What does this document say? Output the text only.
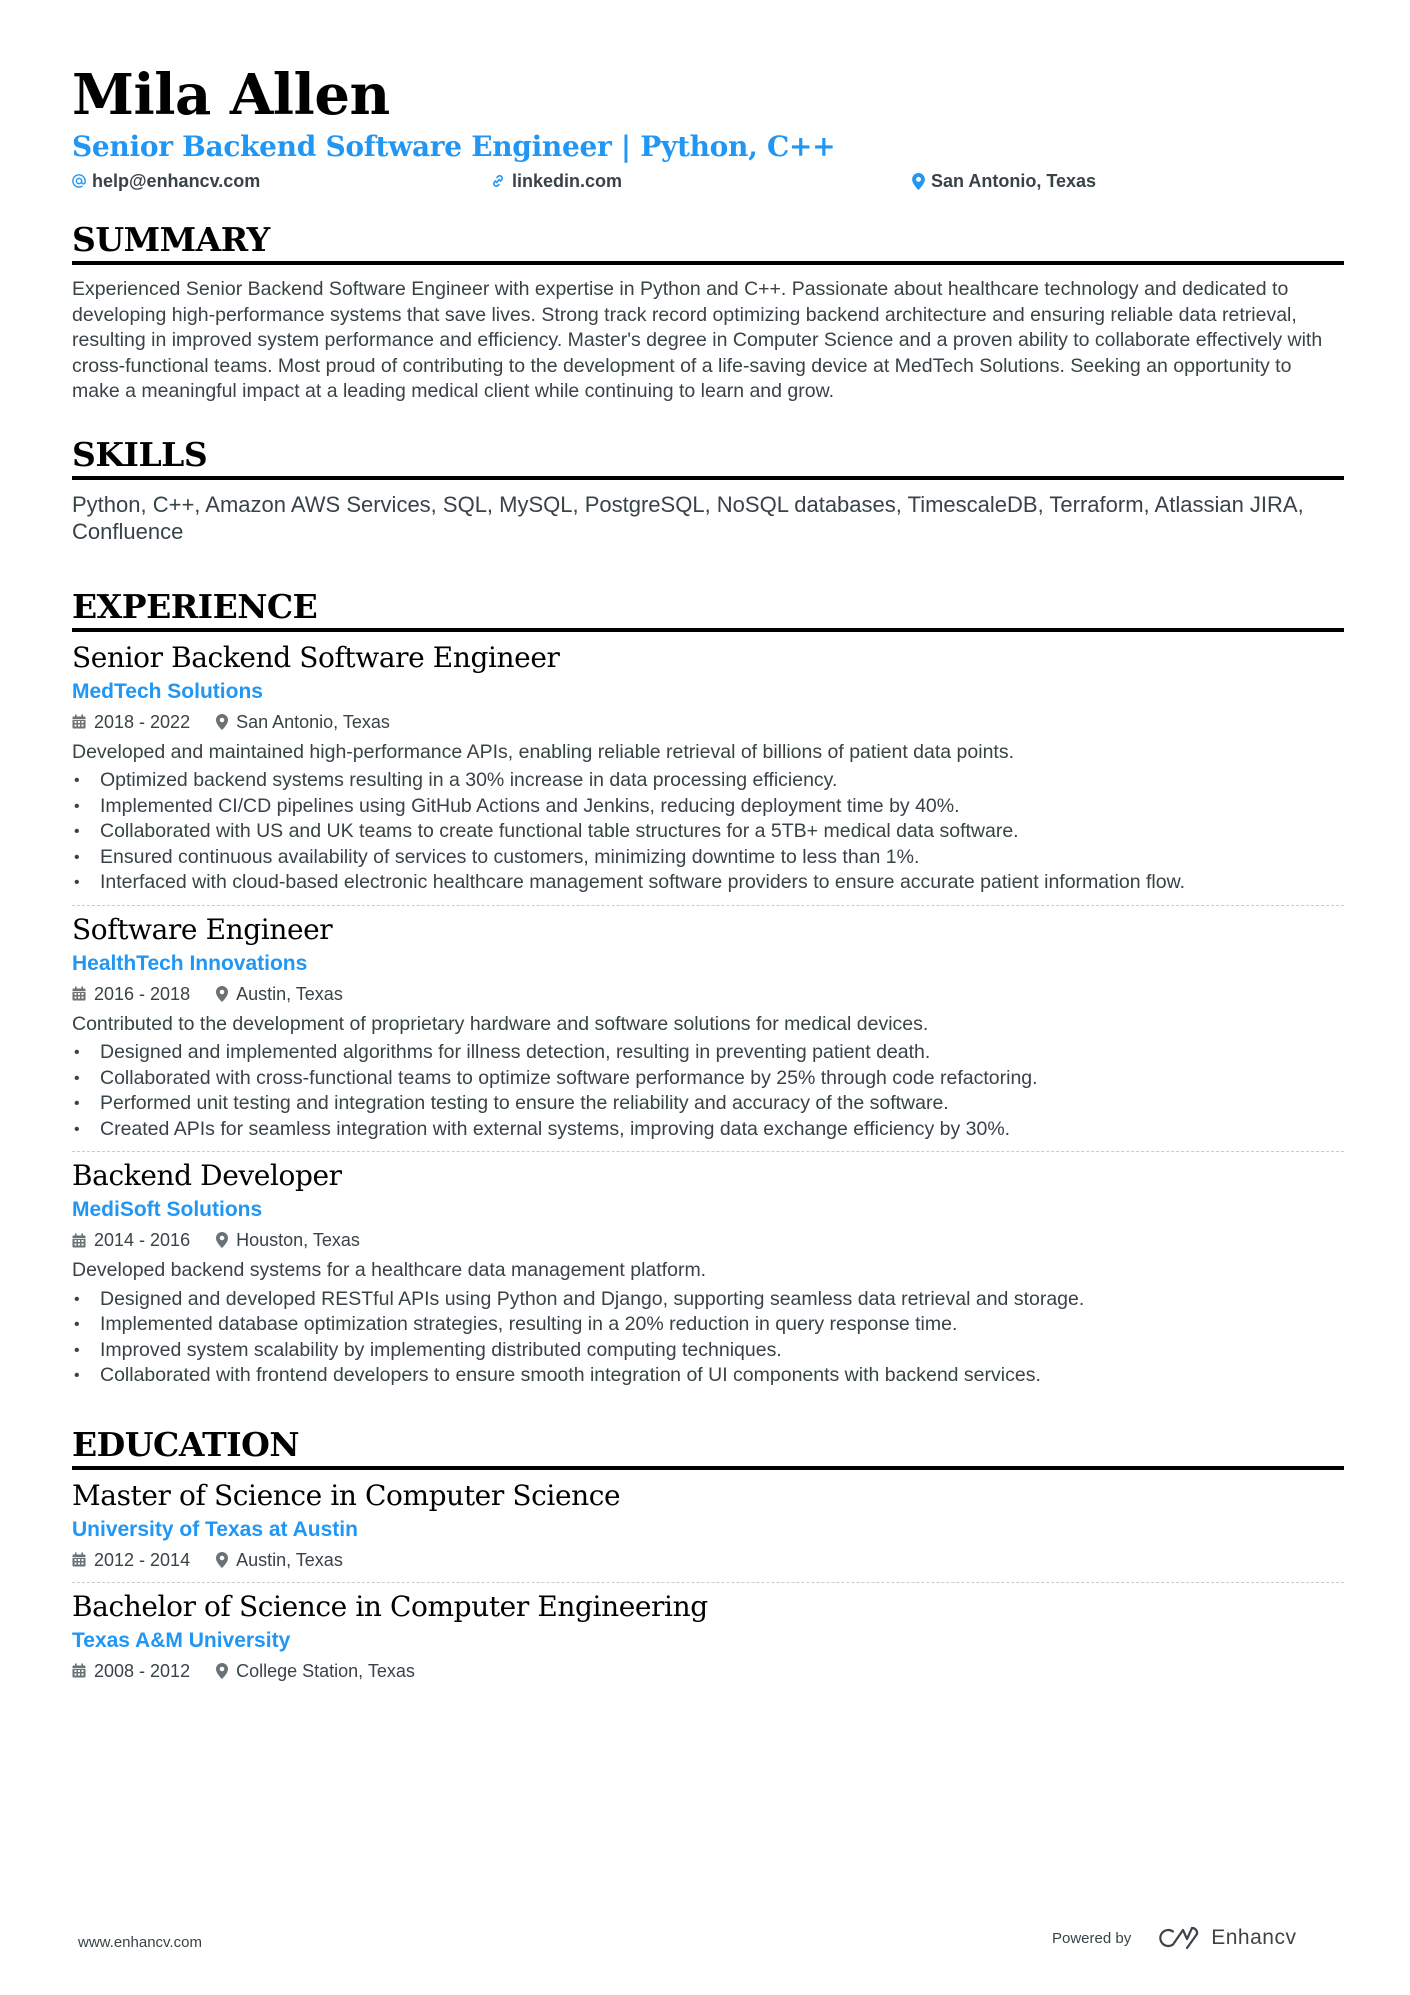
Mila Allen
Senior Backend Software Engineer | Python, C++
help@enhancv.com	linkedin.com	San Antonio, Texas
SUMMARY
Experienced Senior Backend Software Engineer with expertise in Python and C++. Passionate about healthcare technology and dedicated to developing high-performance systems that save lives. Strong track record optimizing backend architecture and ensuring reliable data retrieval, resulting in improved system performance and efficiency. Master's degree in Computer Science and a proven ability to collaborate effectively with cross-functional teams. Most proud of contributing to the development of a life-saving device at MedTech Solutions. Seeking an opportunity to make a meaningful impact at a leading medical client while continuing to learn and grow.
SKILLS
Python, C++, Amazon AWS Services, SQL, MySQL, PostgreSQL, NoSQL databases, TimescaleDB, Terraform, Atlassian JIRA, Confluence
EXPERIENCE
Senior Backend Software Engineer
MedTech Solutions
2018 - 2022	San Antonio, Texas
Developed and maintained high-performance APIs, enabling reliable retrieval of billions of patient data points.
• Optimized backend systems resulting in a 30% increase in data processing efficiency.
• Implemented CI/CD pipelines using GitHub Actions and Jenkins, reducing deployment time by 40%.
• Collaborated with US and UK teams to create functional table structures for a 5TB+ medical data software.
• Ensured continuous availability of services to customers, minimizing downtime to less than 1%.
• Interfaced with cloud-based electronic healthcare management software providers to ensure accurate patient information flow.
Software Engineer
HealthTech Innovations
2016 - 2018	Austin, Texas
Contributed to the development of proprietary hardware and software solutions for medical devices.
• Designed and implemented algorithms for illness detection, resulting in preventing patient death.
• Collaborated with cross-functional teams to optimize software performance by 25% through code refactoring.
• Performed unit testing and integration testing to ensure the reliability and accuracy of the software.
• Created APIs for seamless integration with external systems, improving data exchange efficiency by 30%.
Backend Developer
MediSoft Solutions
2014 - 2016	Houston, Texas
Developed backend systems for a healthcare data management platform.
• Designed and developed RESTful APIs using Python and Django, supporting seamless data retrieval and storage.
• Implemented database optimization strategies, resulting in a 20% reduction in query response time.
• Improved system scalability by implementing distributed computing techniques.
• Collaborated with frontend developers to ensure smooth integration of UI components with backend services.
EDUCATION
Master of Science in Computer Science
University of Texas at Austin
2012 - 2014	Austin, Texas
Bachelor of Science in Computer Engineering
Texas A&M University
2008 - 2012	College Station, Texas
www.enhancv.com	Powered by	Enhancv
